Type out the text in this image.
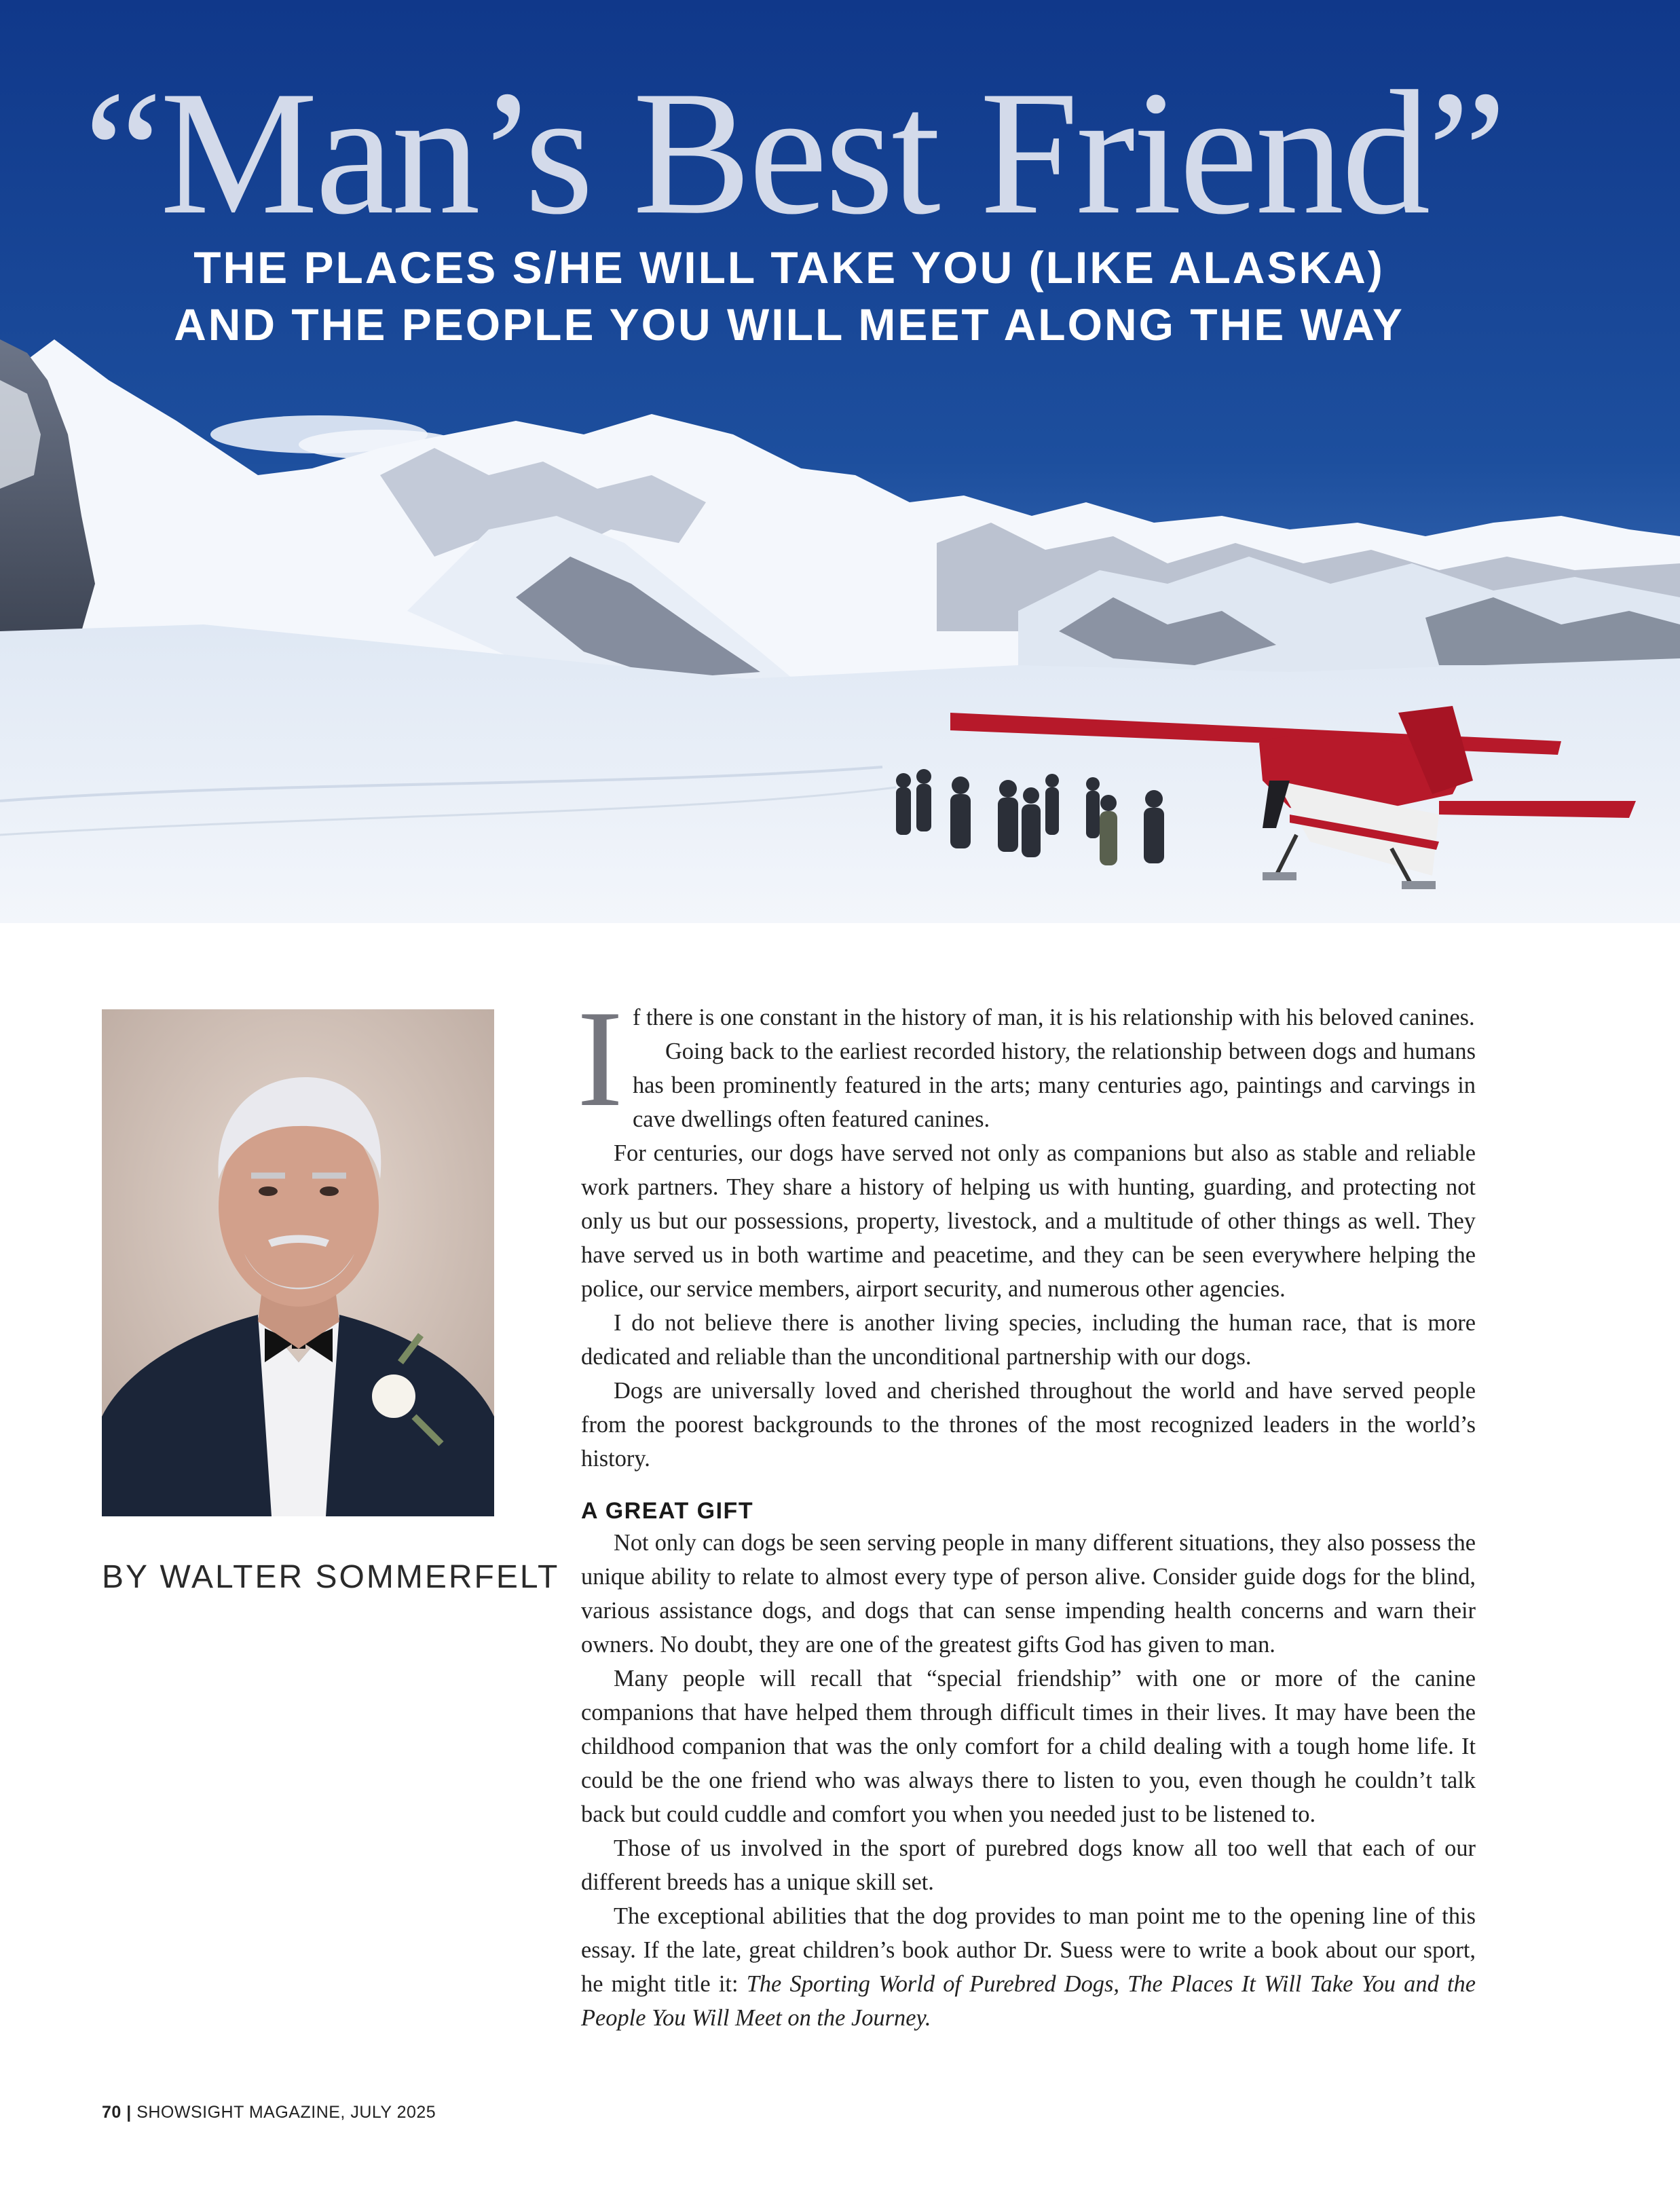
“Man’s Best Friend”
THE PLACES S/HE WILL TAKE YOU (LIKE ALASKA)
AND THE PEOPLE YOU WILL MEET ALONG THE WAY

BY WALTER SOMMERFELT

If there is one constant in the history of man, it is his relationship with his beloved canines.

Going back to the earliest recorded history, the relationship between dogs and humans has been prominently featured in the arts; many centuries ago, paintings and carvings in cave dwellings often featured canines.

For centuries, our dogs have served not only as companions but also as stable and reliable work partners. They share a history of helping us with hunting, guarding, and protecting not only us but our possessions, property, livestock, and a multitude of other things as well. They have served us in both wartime and peacetime, and they can be seen everywhere helping the police, our service members, airport security, and numerous other agencies.

I do not believe there is another living species, including the human race, that is more dedicated and reliable than the unconditional partnership with our dogs.

Dogs are universally loved and cherished throughout the world and have served people from the poorest backgrounds to the thrones of the most recognized leaders in the world’s history.

A GREAT GIFT

Not only can dogs be seen serving people in many different situations, they also possess the unique ability to relate to almost every type of person alive. Consider guide dogs for the blind, various assistance dogs, and dogs that can sense impending health concerns and warn their owners. No doubt, they are one of the greatest gifts God has given to man.

Many people will recall that “special friendship” with one or more of the canine companions that have helped them through difficult times in their lives. It may have been the childhood companion that was the only comfort for a child dealing with a tough home life. It could be the one friend who was always there to listen to you, even though he couldn’t talk back but could cuddle and comfort you when you needed just to be listened to.

Those of us involved in the sport of purebred dogs know all too well that each of our different breeds has a unique skill set.

The exceptional abilities that the dog provides to man point me to the opening line of this essay. If the late, great children’s book author Dr. Suess were to write a book about our sport, he might title it: The Sporting World of Purebred Dogs, The Places It Will Take You and the People You Will Meet on the Journey.

70 | SHOWSIGHT MAGAZINE, JULY 2025
